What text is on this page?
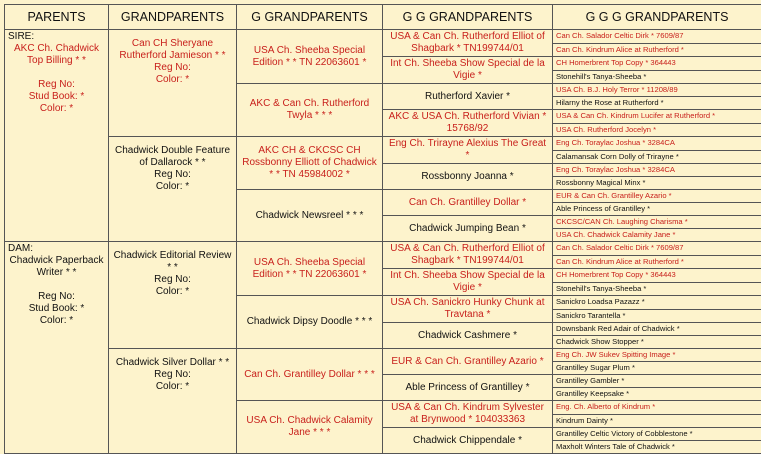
PARENTS	GRANDPARENTS	G GRANDPARENTS	G G GRANDPARENTS	G G G GRANDPARENTS

SIRE:
AKC Ch. Chadwick Top Billing * *
Reg No:
Stud Book: *
Color: *	Can CH Sheryane Rutherford Jamieson * *
Reg No:
Color: *	USA Ch. Sheeba Special Edition * * TN 22063601 *	USA & Can Ch. Rutherford Elliot of Shagbark * TN199744/01	Can Ch. Salador Celtic Dirk * 7609/87
				Can Ch. Kindrum Alice at Rutherford *
			Int Ch. Sheeba Show Special de la Vigie *	CH Homerbrent Top Copy * 364443
				Stonehill's Tanya-Sheeba *
		AKC & Can Ch. Rutherford Twyla * * *	Rutherford Xavier *	USA Ch. B.J. Holy Terror * 11208/89
				Hilarny the Rose at Rutherford *
			AKC & USA Ch. Rutherford Vivian * 15768/92	USA & Can Ch. Kindrum Lucifer at Rutherford *
				USA Ch. Rutherford Jocelyn *

	Chadwick Double Feature of Dallarock * *
Reg No:
Color: *	AKC CH & CKCSC CH Rossbonny Elliott of Chadwick * * TN 45984002 *	Eng Ch. Trirayne Alexius The Great *	Eng Ch. Toraylac Joshua * 3284CA
				Calamansak Corn Dolly of Trirayne *
			Rossbonny Joanna *	Eng Ch. Toraylac Joshua * 3284CA
				Rossbonny Magical Minx *
		Chadwick Newsreel * * *	Can Ch. Grantilley Dollar *	EUR & Can Ch. Grantilley Azario *
				Able Princess of Grantilley *
			Chadwick Jumping Bean *	CKCSC/CAN Ch. Laughing Charisma *
				USA Ch. Chadwick Calamity Jane *

DAM:
Chadwick Paperback Writer * *
Reg No:
Stud Book: *
Color: *	Chadwick Editorial Review * *
Reg No:
Color: *	USA Ch. Sheeba Special Edition * * TN 22063601 *	USA & Can Ch. Rutherford Elliot of Shagbark * TN199744/01	Can Ch. Salador Celtic Dirk * 7609/87
				Can Ch. Kindrum Alice at Rutherford *
			Int Ch. Sheeba Show Special de la Vigie *	CH Homerbrent Top Copy * 364443
				Stonehill's Tanya-Sheeba *
		Chadwick Dipsy Doodle * * *	USA Ch. Sanickro Hunky Chunk at Travtana *	Sanickro Loadsa Pazazz *
				Sanickro Tarantella *
			Chadwick Cashmere *	Downsbank Red Adair of Chadwick *
				Chadwick Show Stopper *

	Chadwick Silver Dollar * *
Reg No:
Color: *	Can Ch. Grantilley Dollar * * *	EUR & Can Ch. Grantilley Azario *	Eng Ch. JW Sukev Spitting Image *
				Grantilley Sugar Plum *
			Able Princess of Grantilley *	Grantilley Gambler *
				Grantilley Keepsake *
		USA Ch. Chadwick Calamity Jane * * *	USA & Can Ch. Kindrum Sylvester at Brynwood * 104033363	Eng. Ch. Alberto of Kindrum *
				Kindrum Dainty *
			Chadwick Chippendale *	Grantilley Celtic Victory of Cobblestone *
				Maxholt Winters Tale of Chadwick *
